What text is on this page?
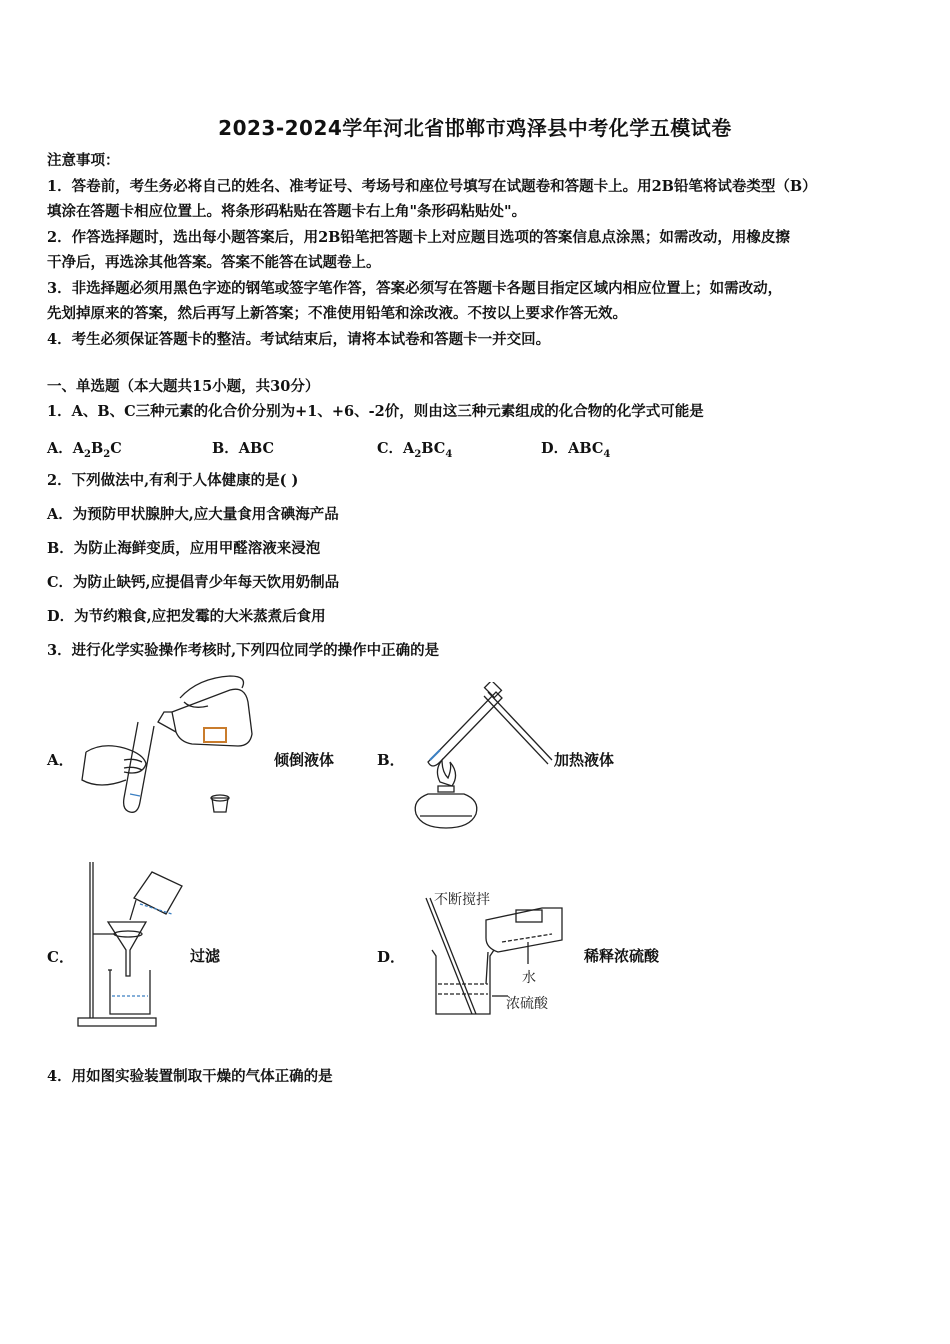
2023-2024学年河北省邯郸市鸡泽县中考化学五模试卷
注意事项：
1．答卷前，考生务必将自己的姓名、准考证号、考场号和座位号填写在试题卷和答题卡上。用2B铅笔将试卷类型（B）
填涂在答题卡相应位置上。将条形码粘贴在答题卡右上角"条形码粘贴处"。
2．作答选择题时，选出每小题答案后，用2B铅笔把答题卡上对应题目选项的答案信息点涂黑；如需改动，用橡皮擦
干净后，再选涂其他答案。答案不能答在试题卷上。
3．非选择题必须用黑色字迹的钢笔或签字笔作答，答案必须写在答题卡各题目指定区域内相应位置上；如需改动，
先划掉原来的答案，然后再写上新答案；不准使用铅笔和涂改液。不按以上要求作答无效。
4．考生必须保证答题卡的整洁。考试结束后，请将本试卷和答题卡一并交回。
一、单选题（本大题共15小题，共30分）
1．A、B、C三种元素的化合价分别为+1、+6、-2价，则由这三种元素组成的化合物的化学式可能是
A．$A_2B_2C$	B．ABC	C．$A_2BC_4$	D．$ABC_4$
2．下列做法中,有利于人体健康的是( )
A．为预防甲状腺肿大,应大量食用含碘海产品
B．为防止海鲜变质，应用甲醛溶液来浸泡
C．为防止缺钙,应提倡青少年每天饮用奶制品
D．为节约粮食,应把发霉的大米蒸煮后食用
3．进行化学实验操作考核时,下列四位同学的操作中正确的是
A．	倾倒液体	B．	加热液体
C．	过滤	D．
不断搅拌
水
浓硫酸
稀释浓硫酸
4．用如图实验装置制取干燥的气体正确的是
